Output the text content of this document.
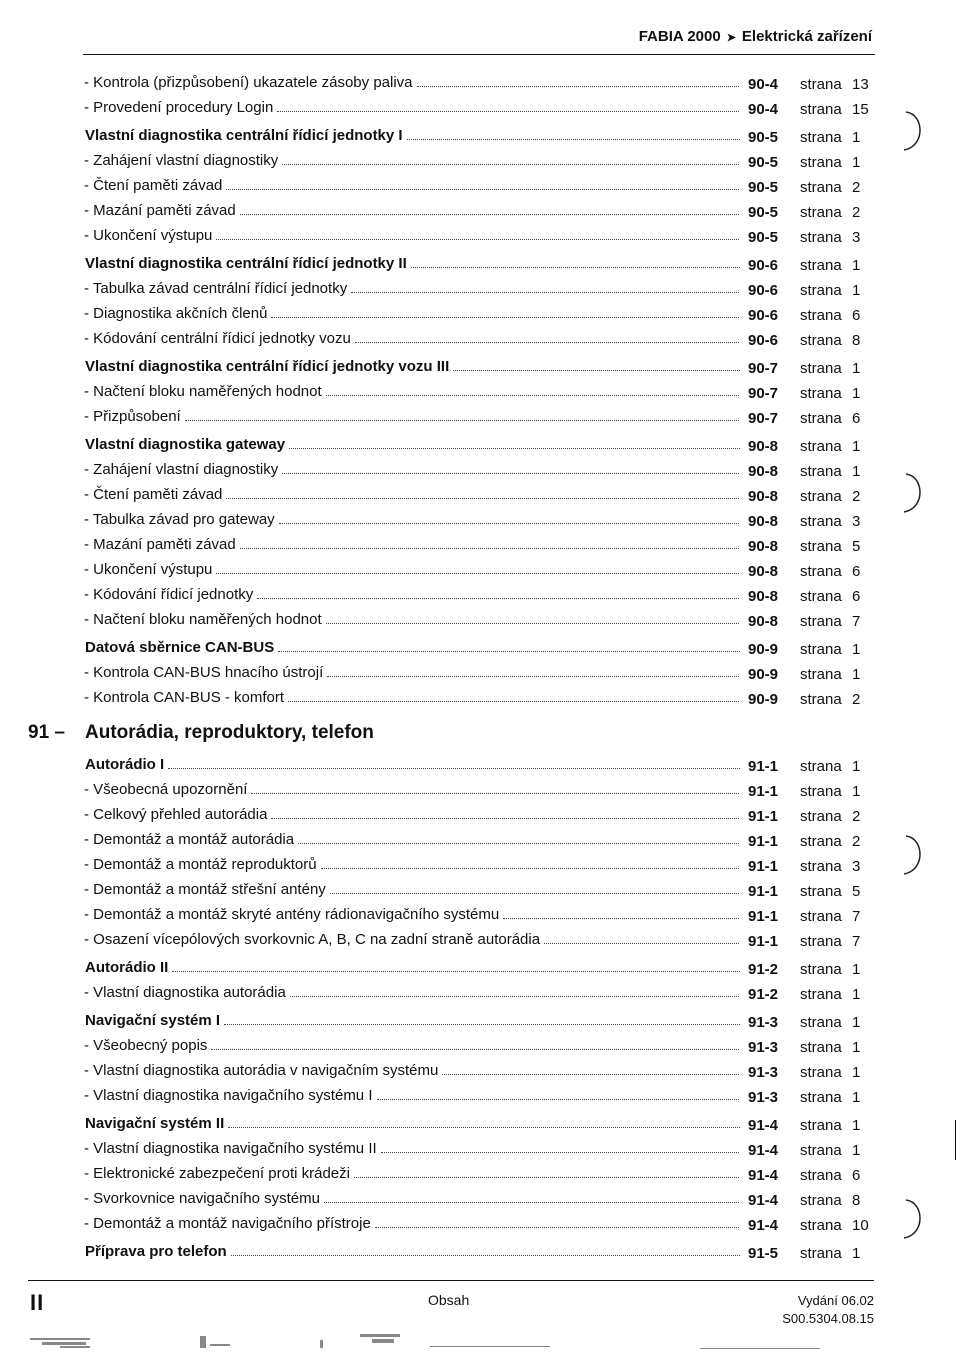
FABIA 2000 ➤ Elektrická zařízení
- Kontrola (přizpůsobení) ukazatele zásoby paliva	90-4	strana 13
- Provedení procedury Login	90-4	strana 15
Vlastní diagnostika centrální řídicí jednotky I	90-5	strana 1
- Zahájení vlastní diagnostiky	90-5	strana 1
- Čtení paměti závad	90-5	strana 2
- Mazání paměti závad	90-5	strana 2
- Ukončení výstupu	90-5	strana 3
Vlastní diagnostika centrální řídicí jednotky II	90-6	strana 1
- Tabulka závad centrální řídicí jednotky	90-6	strana 1
- Diagnostika akčních členů	90-6	strana 6
- Kódování centrální řídicí jednotky vozu	90-6	strana 8
Vlastní diagnostika centrální řídicí jednotky vozu III	90-7	strana 1
- Načtení bloku naměřených hodnot	90-7	strana 1
- Přizpůsobení	90-7	strana 6
Vlastní diagnostika gateway	90-8	strana 1
- Zahájení vlastní diagnostiky	90-8	strana 1
- Čtení paměti závad	90-8	strana 2
- Tabulka závad pro gateway	90-8	strana 3
- Mazání paměti závad	90-8	strana 5
- Ukončení výstupu	90-8	strana 6
- Kódování řídicí jednotky	90-8	strana 6
- Načtení bloku naměřených hodnot	90-8	strana 7
Datová sběrnice CAN-BUS	90-9	strana 1
- Kontrola CAN-BUS hnacího ústrojí	90-9	strana 1
- Kontrola CAN-BUS - komfort	90-9	strana 2
91 – Autorádia, reproduktory, telefon
Autorádio I	91-1	strana 1
- Všeobecná upozornění	91-1	strana 1
- Celkový přehled autorádia	91-1	strana 2
- Demontáž a montáž autorádia	91-1	strana 2
- Demontáž a montáž reproduktorů	91-1	strana 3
- Demontáž a montáž střešní antény	91-1	strana 5
- Demontáž a montáž skryté antény rádionavigačního systému	91-1	strana 7
- Osazení vícepólových svorkovnic A, B, C na zadní straně autorádia	91-1	strana 7
Autorádio II	91-2	strana 1
- Vlastní diagnostika autorádia	91-2	strana 1
Navigační systém I	91-3	strana 1
- Všeobecný popis	91-3	strana 1
- Vlastní diagnostika autorádia v navigačním systému	91-3	strana 1
- Vlastní diagnostika navigačního systému I	91-3	strana 1
Navigační systém II	91-4	strana 1
- Vlastní diagnostika navigačního systému II	91-4	strana 1
- Elektronické zabezpečení proti krádeži	91-4	strana 6
- Svorkovnice navigačního systému	91-4	strana 8
- Demontáž a montáž navigačního přístroje	91-4	strana 10
Příprava pro telefon	91-5	strana 1
II	Obsah	Vydání 06.02
S00.5304.08.15
